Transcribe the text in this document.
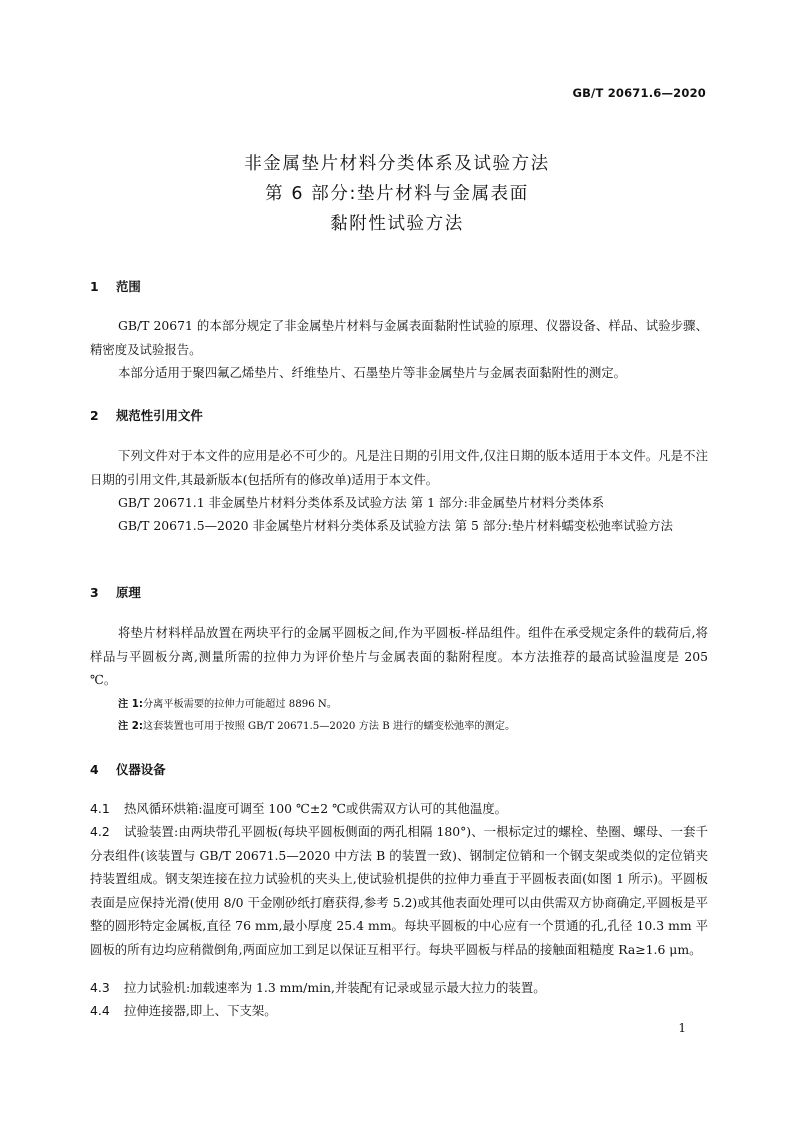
GB/T 20671.6—2020
非金属垫片材料分类体系及试验方法
第 6 部分:垫片材料与金属表面
黏附性试验方法
1 范围
GB/T 20671 的本部分规定了非金属垫片材料与金属表面黏附性试验的原理、仪器设备、样品、试验步骤、精密度及试验报告。
本部分适用于聚四氟乙烯垫片、纤维垫片、石墨垫片等非金属垫片与金属表面黏附性的测定。
2 规范性引用文件
下列文件对于本文件的应用是必不可少的。凡是注日期的引用文件,仅注日期的版本适用于本文件。凡是不注日期的引用文件,其最新版本(包括所有的修改单)适用于本文件。
GB/T 20671.1 非金属垫片材料分类体系及试验方法 第 1 部分:非金属垫片材料分类体系
GB/T 20671.5—2020 非金属垫片材料分类体系及试验方法 第 5 部分:垫片材料蠕变松弛率试验方法
3 原理
将垫片材料样品放置在两块平行的金属平圆板之间,作为平圆板-样品组件。组件在承受规定条件的载荷后,将样品与平圆板分离,测量所需的拉伸力为评价垫片与金属表面的黏附程度。本方法推荐的最高试验温度是 205 ℃。
注 1:分离平板需要的拉伸力可能超过 8896 N。
注 2:这套装置也可用于按照 GB/T 20671.5—2020 方法 B 进行的蠕变松弛率的测定。
4 仪器设备
4.1 热风循环烘箱:温度可调至 100 ℃±2 ℃或供需双方认可的其他温度。
4.2 试验装置:由两块带孔平圆板(每块平圆板侧面的两孔相隔 180°)、一根标定过的螺栓、垫圈、螺母、一套千分表组件(该装置与 GB/T 20671.5—2020 中方法 B 的装置一致)、钢制定位销和一个钢支架或类似的定位销夹持装置组成。钢支架连接在拉力试验机的夹头上,使试验机提供的拉伸力垂直于平圆板表面(如图 1 所示)。平圆板表面是应保持光滑(使用 8/0 干金刚砂纸打磨获得,参考 5.2)或其他表面处理可以由供需双方协商确定,平圆板是平整的圆形特定金属板,直径 76 mm,最小厚度 25.4 mm。每块平圆板的中心应有一个贯通的孔,孔径 10.3 mm 平圆板的所有边均应稍微倒角,两面应加工到足以保证互相平行。每块平圆板与样品的接触面粗糙度 Ra≥1.6 μm。
4.3 拉力试验机:加载速率为 1.3 mm/min,并装配有记录或显示最大拉力的装置。
4.4 拉伸连接器,即上、下支架。
1
